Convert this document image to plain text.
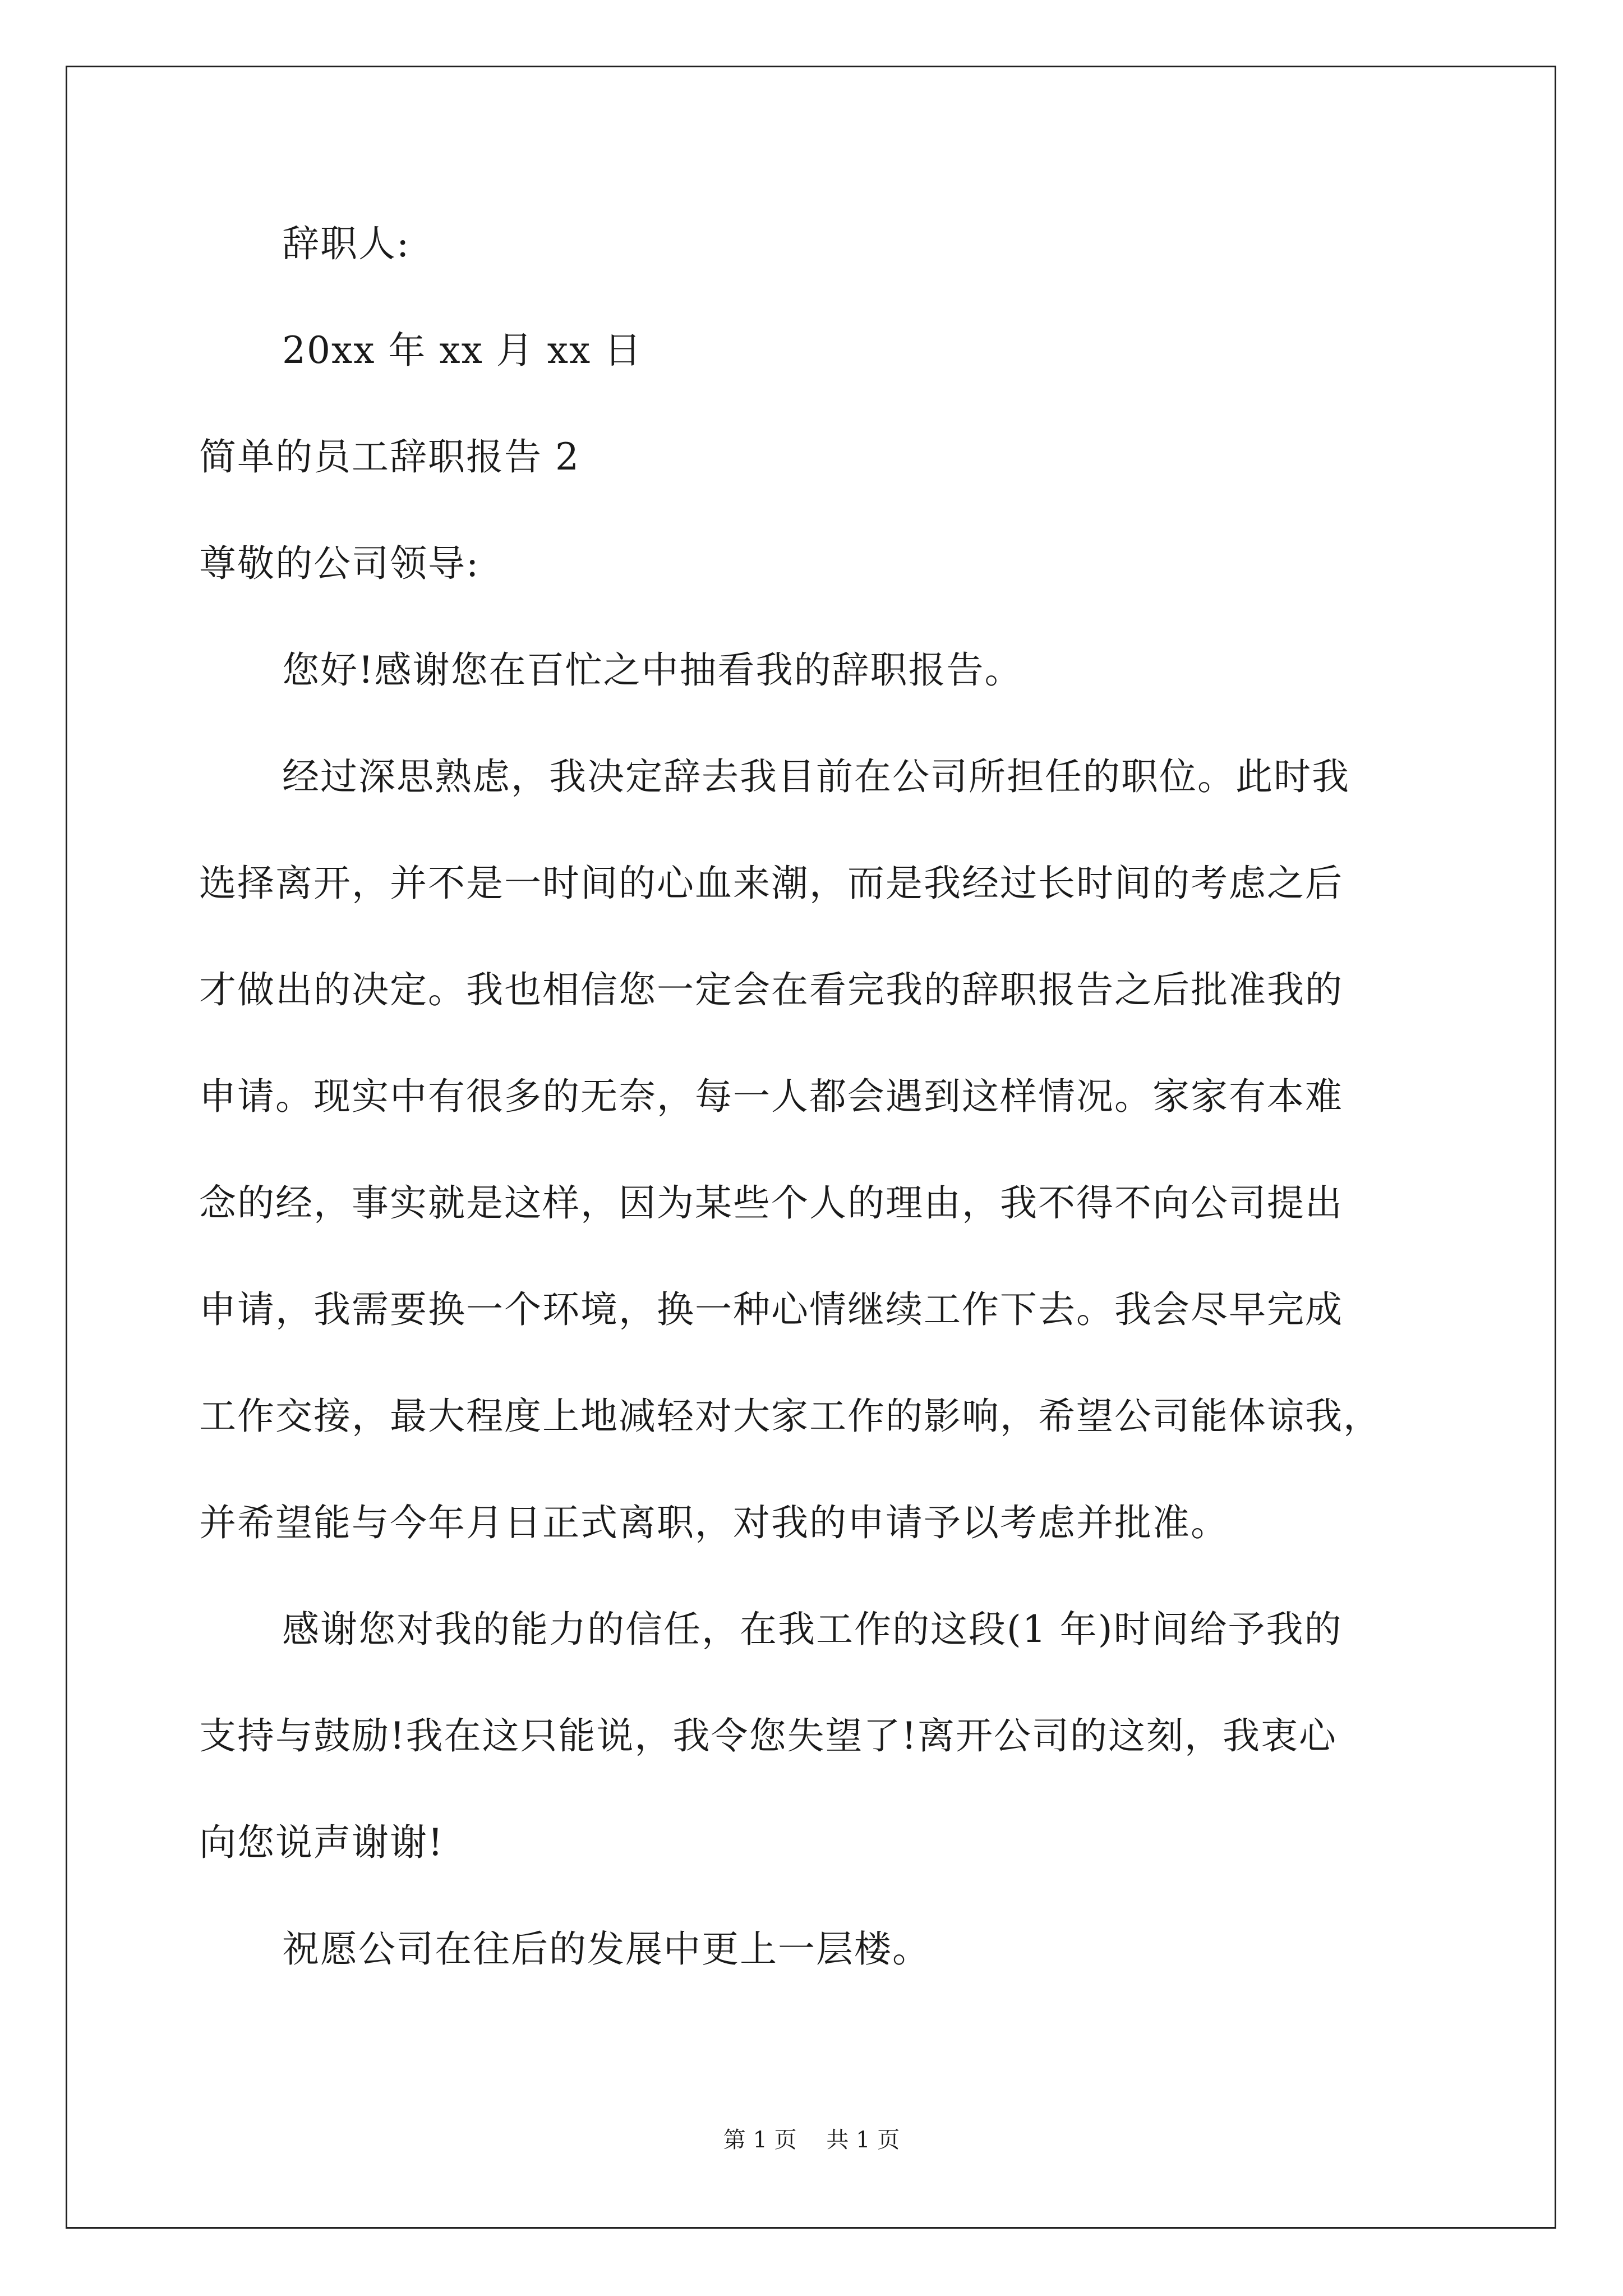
辞职人:
20xx 年 xx 月 xx 日
简单的员工辞职报告 2
尊敬的公司领导:
您好!感谢您在百忙之中抽看我的辞职报告。
经过深思熟虑，我决定辞去我目前在公司所担任的职位。此时我
选择离开，并不是一时间的心血来潮，而是我经过长时间的考虑之后
才做出的决定。我也相信您一定会在看完我的辞职报告之后批准我的
申请。现实中有很多的无奈，每一人都会遇到这样情况。家家有本难
念的经，事实就是这样，因为某些个人的理由，我不得不向公司提出
申请，我需要换一个环境，换一种心情继续工作下去。我会尽早完成
工作交接，最大程度上地减轻对大家工作的影响，希望公司能体谅我，
并希望能与今年月日正式离职，对我的申请予以考虑并批准。
感谢您对我的能力的信任，在我工作的这段(1 年)时间给予我的
支持与鼓励!我在这只能说，我令您失望了!离开公司的这刻，我衷心
向您说声谢谢!
祝愿公司在往后的发展中更上一层楼。
第 1 页 共 1 页
